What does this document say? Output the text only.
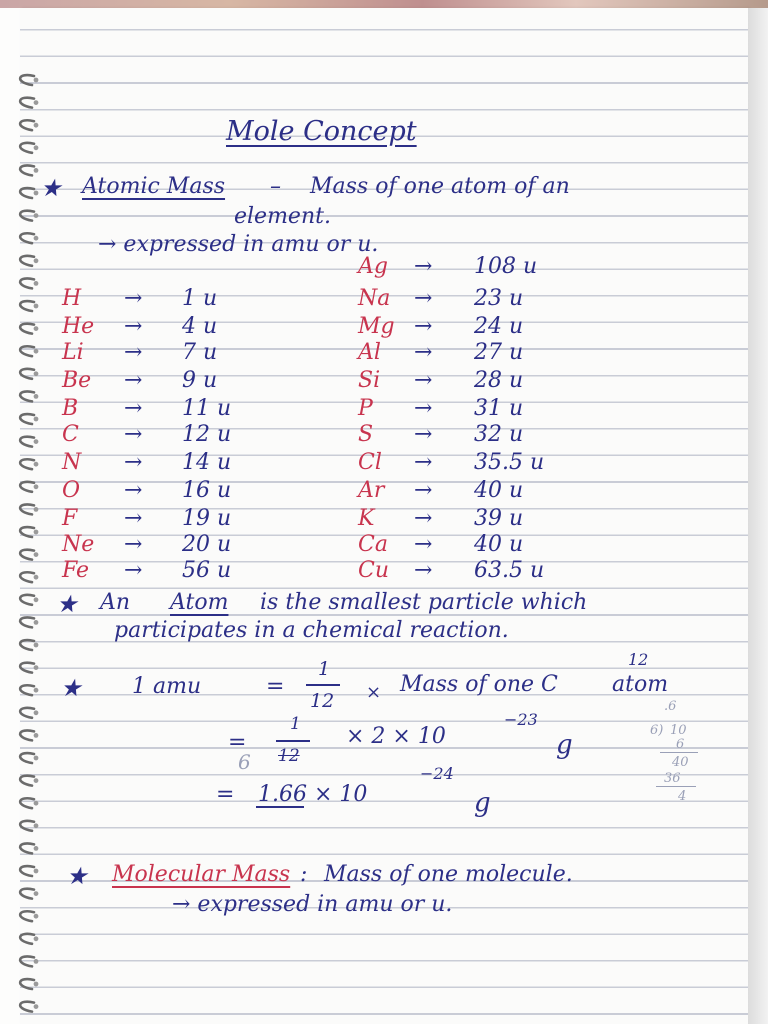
Mole Concept
★ Atomic Mass – Mass of one atom of an
element.
→ expressed in amu or u.
H → 1 u
He → 4 u
Li → 7 u
Be → 9 u
B → 11 u
C → 12 u
N → 14 u
O → 16 u
F → 19 u
Ne → 20 u
Fe → 56 u
Ag → 108 u
Na → 23 u
Mg → 24 u
Al → 27 u
Si → 28 u
P → 31 u
S → 32 u
Cl → 35.5 u
Ar → 40 u
K → 39 u
Ca → 40 u
Cu → 63.5 u
★ An Atom is the smallest particle which
participates in a chemical reaction.
★ 1 amu	=
1
12 × Mass of one C
12
atom
=
1
12
6
× 2 × 10
−23
g
= 1.66 × 10
−24
g
.6
6) 10
6
40
36
4
★ Molecular Mass : Mass of one molecule.
→ expressed in amu or u.
